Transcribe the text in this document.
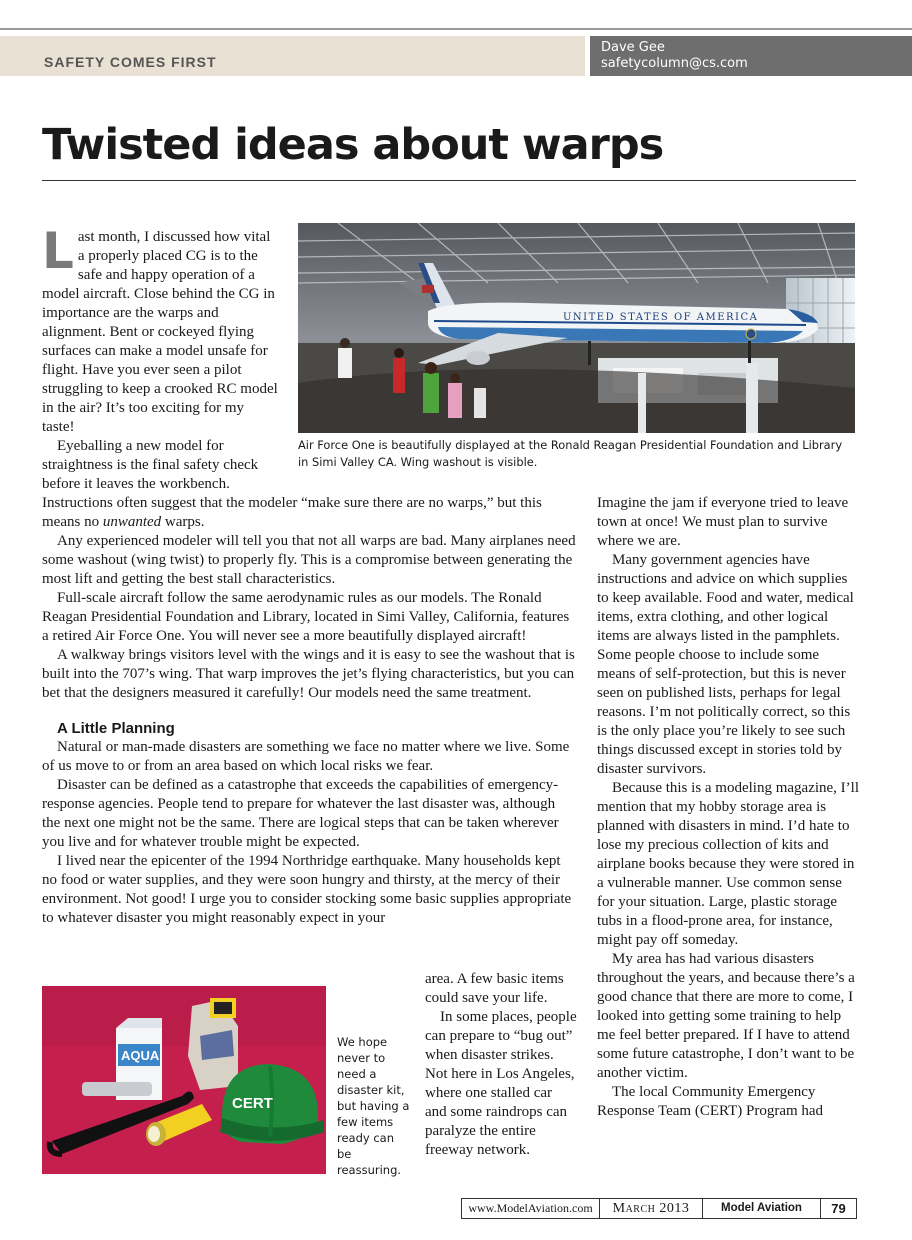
SAFETY COMES FIRST
Dave Gee
safetycolumn@cs.com
Twisted ideas about warps

Last month, I discussed how vital a properly placed CG is to the safe and happy operation of a model aircraft. Close behind the CG in importance are the warps and alignment. Bent or cockeyed flying surfaces can make a model unsafe for flight. Have you ever seen a pilot struggling to keep a crooked RC model in the air? It’s too exciting for my taste!

Eyeballing a new model for straightness is the final safety check before it leaves the workbench.

UNITED STATES OF AMERICA
Air Force One is beautifully displayed at the Ronald Reagan Presidential Foundation and Library in Simi Valley CA. Wing washout is visible.

Instructions often suggest that the modeler “make sure there are no warps,” but this means no unwanted warps.

Any experienced modeler will tell you that not all warps are bad. Many airplanes need some washout (wing twist) to properly fly. This is a compromise between generating the most lift and getting the best stall characteristics.

Full-scale aircraft follow the same aerodynamic rules as our models. The Ronald Reagan Presidential Foundation and Library, located in Simi Valley, California, features a retired Air Force One. You will never see a more beautifully displayed aircraft!

A walkway brings visitors level with the wings and it is easy to see the washout that is built into the 707’s wing. That warp improves the jet’s flying characteristics, but you can bet that the designers measured it carefully! Our models need the same treatment.

A Little Planning

Natural or man-made disasters are something we face no matter where we live. Some of us move to or from an area based on which local risks we fear.

Disaster can be defined as a catastrophe that exceeds the capabilities of emergency-response agencies. People tend to prepare for whatever the last disaster was, although the next one might not be the same. There are logical steps that can be taken wherever you live and for whatever trouble might be expected.

I lived near the epicenter of the 1994 Northridge earthquake. Many households kept no food or water supplies, and they were soon hungry and thirsty, at the mercy of their environment. Not good! I urge you to consider stocking some basic supplies appropriate to whatever disaster you might reasonably expect in your

AQUA
CERT
We hope never to need a disaster kit, but having a few items ready can be reassuring.

area. A few basic items could save your life.

In some places, people can prepare to “bug out” when disaster strikes. Not here in Los Angeles, where one stalled car and some raindrops can paralyze the entire freeway network.

Imagine the jam if everyone tried to leave town at once! We must plan to survive where we are.

Many government agencies have instructions and advice on which supplies to keep available. Food and water, medical items, extra clothing, and other logical items are always listed in the pamphlets. Some people choose to include some means of self-protection, but this is never seen on published lists, perhaps for legal reasons. I’m not politically correct, so this is the only place you’re likely to see such things discussed except in stories told by disaster survivors.

Because this is a modeling magazine, I’ll mention that my hobby storage area is planned with disasters in mind. I’d hate to lose my precious collection of kits and airplane books because they were stored in a vulnerable manner. Use common sense for your situation. Large, plastic storage tubs in a flood-prone area, for instance, might pay off someday.

My area has had various disasters throughout the years, and because there’s a good chance that there are more to come, I looked into getting some training to help me feel better prepared. If I have to attend some future catastrophe, I don’t want to be another victim.

The local Community Emergency Response Team (CERT) Program had

www.ModelAviation.com	March 2013	Model Aviation	79
